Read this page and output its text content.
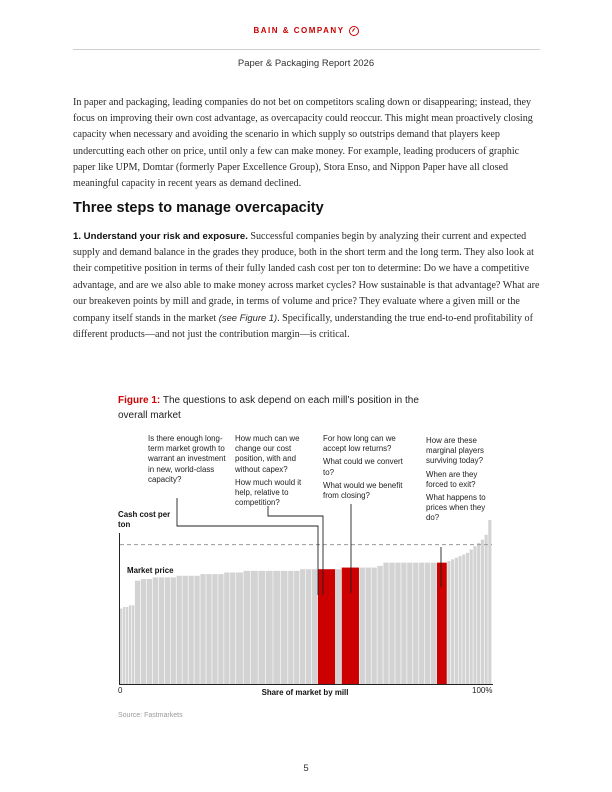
BAIN & COMPANY
Paper & Packaging Report 2026

In paper and packaging, leading companies do not bet on competitors scaling down or disappearing; instead, they focus on improving their own cost advantage, as overcapacity could reoccur. This might mean proactively closing capacity when necessary and avoiding the scenario in which supply so outstrips demand that players keep undercutting each other on price, until only a few can make money. For example, leading producers of graphic paper like UPM, Domtar (formerly Paper Excellence Group), Stora Enso, and Nippon Paper have all closed meaningful capacity in recent years as demand declined.

Three steps to manage overcapacity

1. Understand your risk and exposure. Successful companies begin by analyzing their current and expected supply and demand balance in the grades they produce, both in the short term and the long term. They also look at their competitive position in terms of their fully landed cash cost per ton to determine: Do we have a competitive advantage, and are we also able to make money across market cycles? How sustainable is that advantage? What are our breakeven points by mill and grade, in terms of volume and price? They evaluate where a given mill or the company itself stands in the market (see Figure 1). Specifically, understanding the true end-to-end profitability of different products—and not just the contribution margin—is critical.

Figure 1: The questions to ask depend on each mill’s position in the overall market

Is there enough long-term market growth to warrant an investment in new, world-class capacity?

How much can we change our cost position, with and without capex?

How much would it help, relative to competition?

For how long can we accept low returns?

What could we convert to?

What would we benefit from closing?

How are these marginal players surviving today?

When are they forced to exit?

What happens to prices when they do?

Cash cost per ton
Market price
0	Share of market by mill	100%
Source: Fastmarkets
5
